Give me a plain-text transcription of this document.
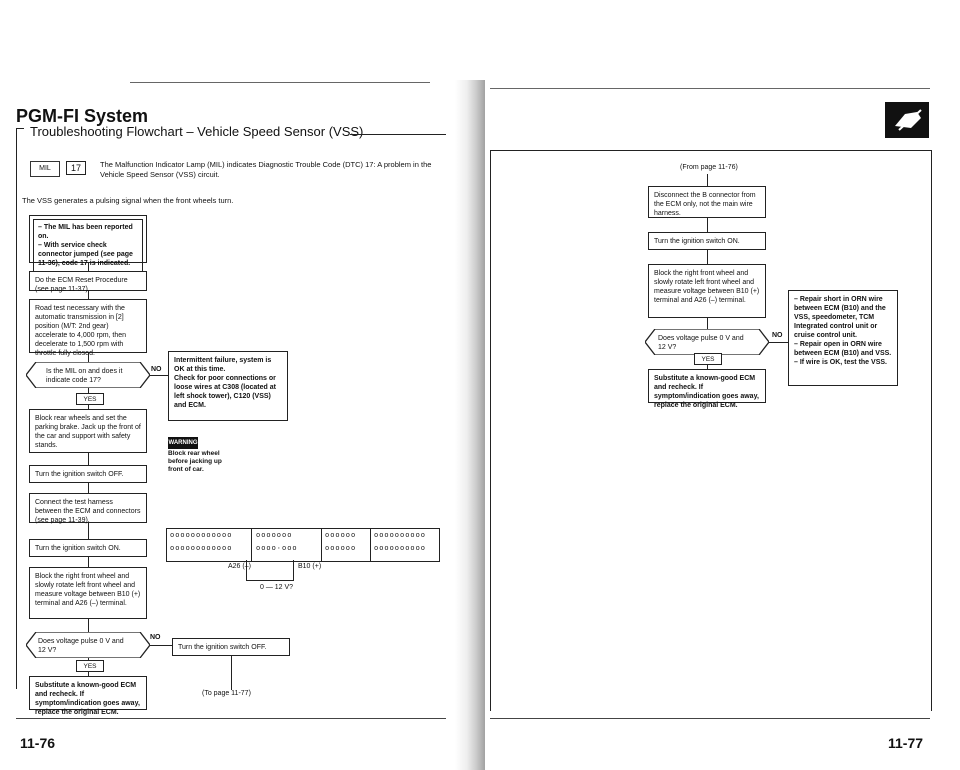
PGM-FI System
Troubleshooting Flowchart – Vehicle Speed Sensor (VSS)
MIL	17	The Malfunction Indicator Lamp (MIL) indicates Diagnostic Trouble Code (DTC) 17: A problem in the Vehicle Speed Sensor (VSS) circuit.
The VSS generates a pulsing signal when the front wheels turn.
– The MIL has been reported on.
– With service check connector jumped (see page 11-36), code 17 is indicated.
Do the ECM Reset Procedure (see page 11-37).
Road test necessary with the automatic transmission in [2] position (M/T: 2nd gear) accelerate to 4,000 rpm, then decelerate to 1,500 rpm with throttle fully closed.
Is the MIL on and does it indicate code 17?
NO
Intermittent failure, system is OK at this time.
Check for poor connections or loose wires at C308 (located at left shock tower), C120 (VSS) and ECM.
WARNING
Block rear wheel before jacking up front of car.
YES
Block rear wheels and set the parking brake. Jack up the front of the car and support with safety stands.
Turn the ignition switch OFF.
Connect the test harness between the ECM and connectors (see page 11-39).
Turn the ignition switch ON.
Block the right front wheel and slowly rotate left front wheel and measure voltage between B10 (+) terminal and A26 (–) terminal.
Does voltage pulse 0 V and 12 V?
NO
Turn the ignition switch OFF.
(To page 11-77)
YES
Substitute a known-good ECM and recheck. If symptom/indication goes away, replace the original ECM.
oooooooooooo
oooooooooooo
ooooooo
oooo·ooo
oooooo
oooooo
oooooooooo
oooooooooo
A26 (–)	B10 (+)
0 — 12 V?
11-76
(From page 11-76)
Disconnect the B connector from the ECM only, not the main wire harness.
Turn the ignition switch ON.
Block the right front wheel and slowly rotate left front wheel and measure voltage between B10 (+) terminal and A26 (–) terminal.
Does voltage pulse 0 V and 12 V?
NO
– Repair short in ORN wire between ECM (B10) and the VSS, speedometer, TCM Integrated control unit or cruise control unit.
– Repair open in ORN wire between ECM (B10) and VSS.
– If wire is OK, test the VSS.
YES
Substitute a known-good ECM and recheck. If symptom/indication goes away, replace the original ECM.
11-77
